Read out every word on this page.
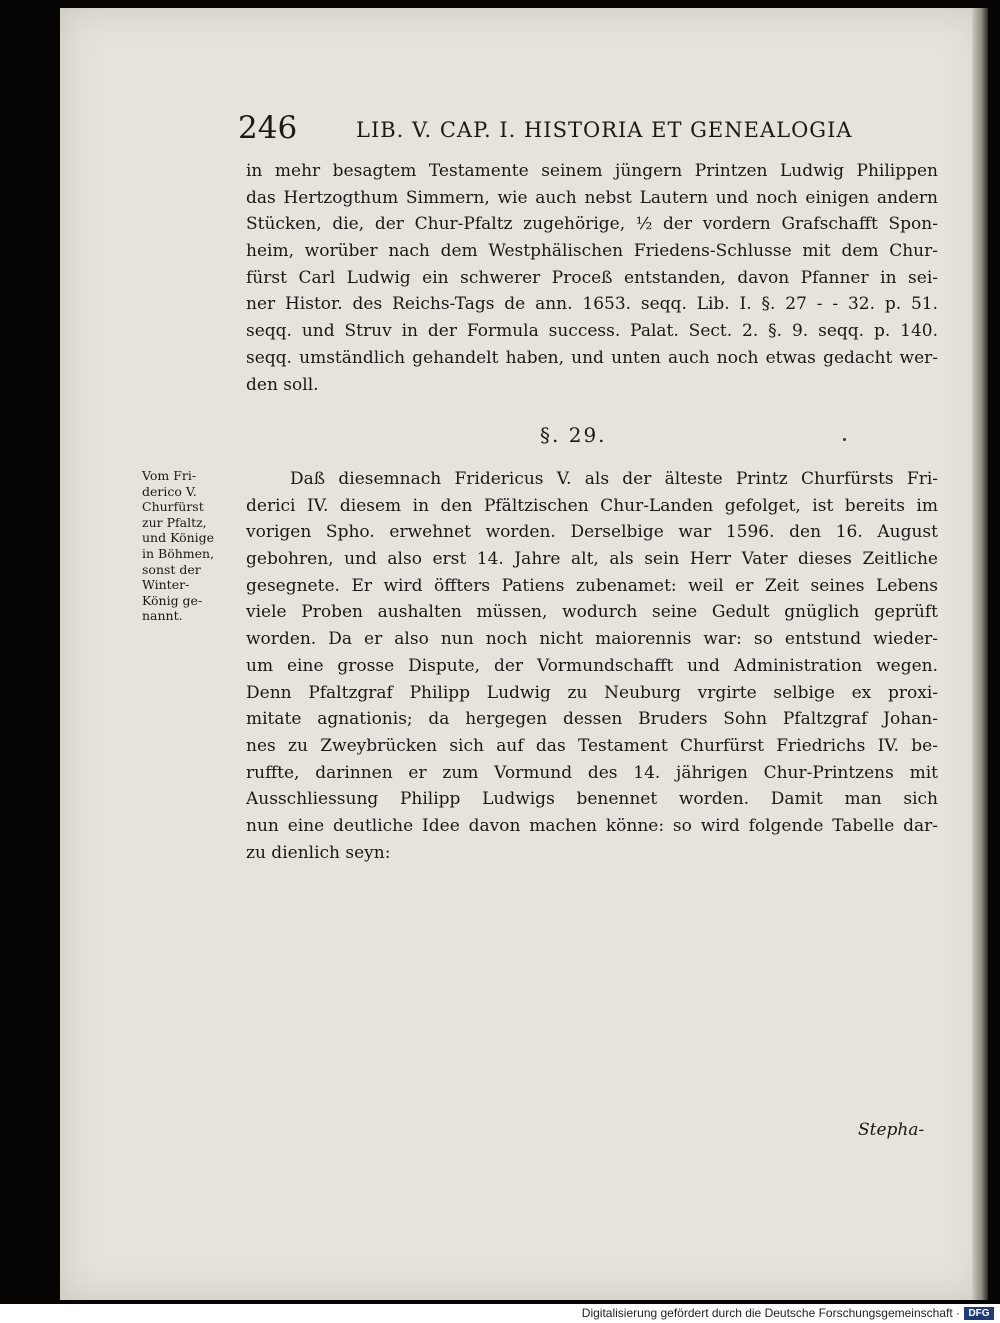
246	LIB. V. CAP. I. HISTORIA ET GENEALOGIA
in mehr besagtem Testamente seinem jüngern Printzen Ludwig Philippen
das Hertzogthum Simmern, wie auch nebst Lautern und noch einigen andern
Stücken, die, der Chur-Pfaltz zugehörige, ½ der vordern Grafschafft Spon-
heim, worüber nach dem Westphälischen Friedens-Schlusse mit dem Chur-
fürst Carl Ludwig ein schwerer Proceß entstanden, davon Pfanner in sei-
ner Histor. des Reichs-Tags de ann. 1653. seqq. Lib. I. §. 27 - - 32. p. 51.
seqq. und Struv in der Formula success. Palat. Sect. 2. §. 9. seqq. p. 140.
seqq. umständlich gehandelt haben, und unten auch noch etwas gedacht wer-
den soll.
§. 29.
Vom Fri-
derico V.
Churfürst
zur Pfaltz,
und Könige
in Böhmen,
sonst der
Winter-
König ge-
nannt.
Daß diesemnach Fridericus V. als der älteste Printz Churfürsts Fri-
derici IV. diesem in den Pfältzischen Chur-Landen gefolget, ist bereits im
vorigen Spho. erwehnet worden. Derselbige war 1596. den 16. August
gebohren, und also erst 14. Jahre alt, als sein Herr Vater dieses Zeitliche
gesegnete. Er wird öffters Patiens zubenamet: weil er Zeit seines Lebens
viele Proben aushalten müssen, wodurch seine Gedult gnüglich geprüft
worden. Da er also nun noch nicht maiorennis war: so entstund wieder-
um eine grosse Dispute, der Vormundschafft und Administration wegen.
Denn Pfaltzgraf Philipp Ludwig zu Neuburg vrgirte selbige ex proxi-
mitate agnationis; da hergegen dessen Bruders Sohn Pfaltzgraf Johan-
nes zu Zweybrücken sich auf das Testament Churfürst Friedrichs IV. be-
ruffte, darinnen er zum Vormund des 14. jährigen Chur-Printzens mit
Ausschliessung Philipp Ludwigs benennet worden. Damit man sich
nun eine deutliche Idee davon machen könne: so wird folgende Tabelle dar-
zu dienlich seyn:
Stepha-
Digitalisierung gefördert durch die Deutsche Forschungsgemeinschaft · DFG
